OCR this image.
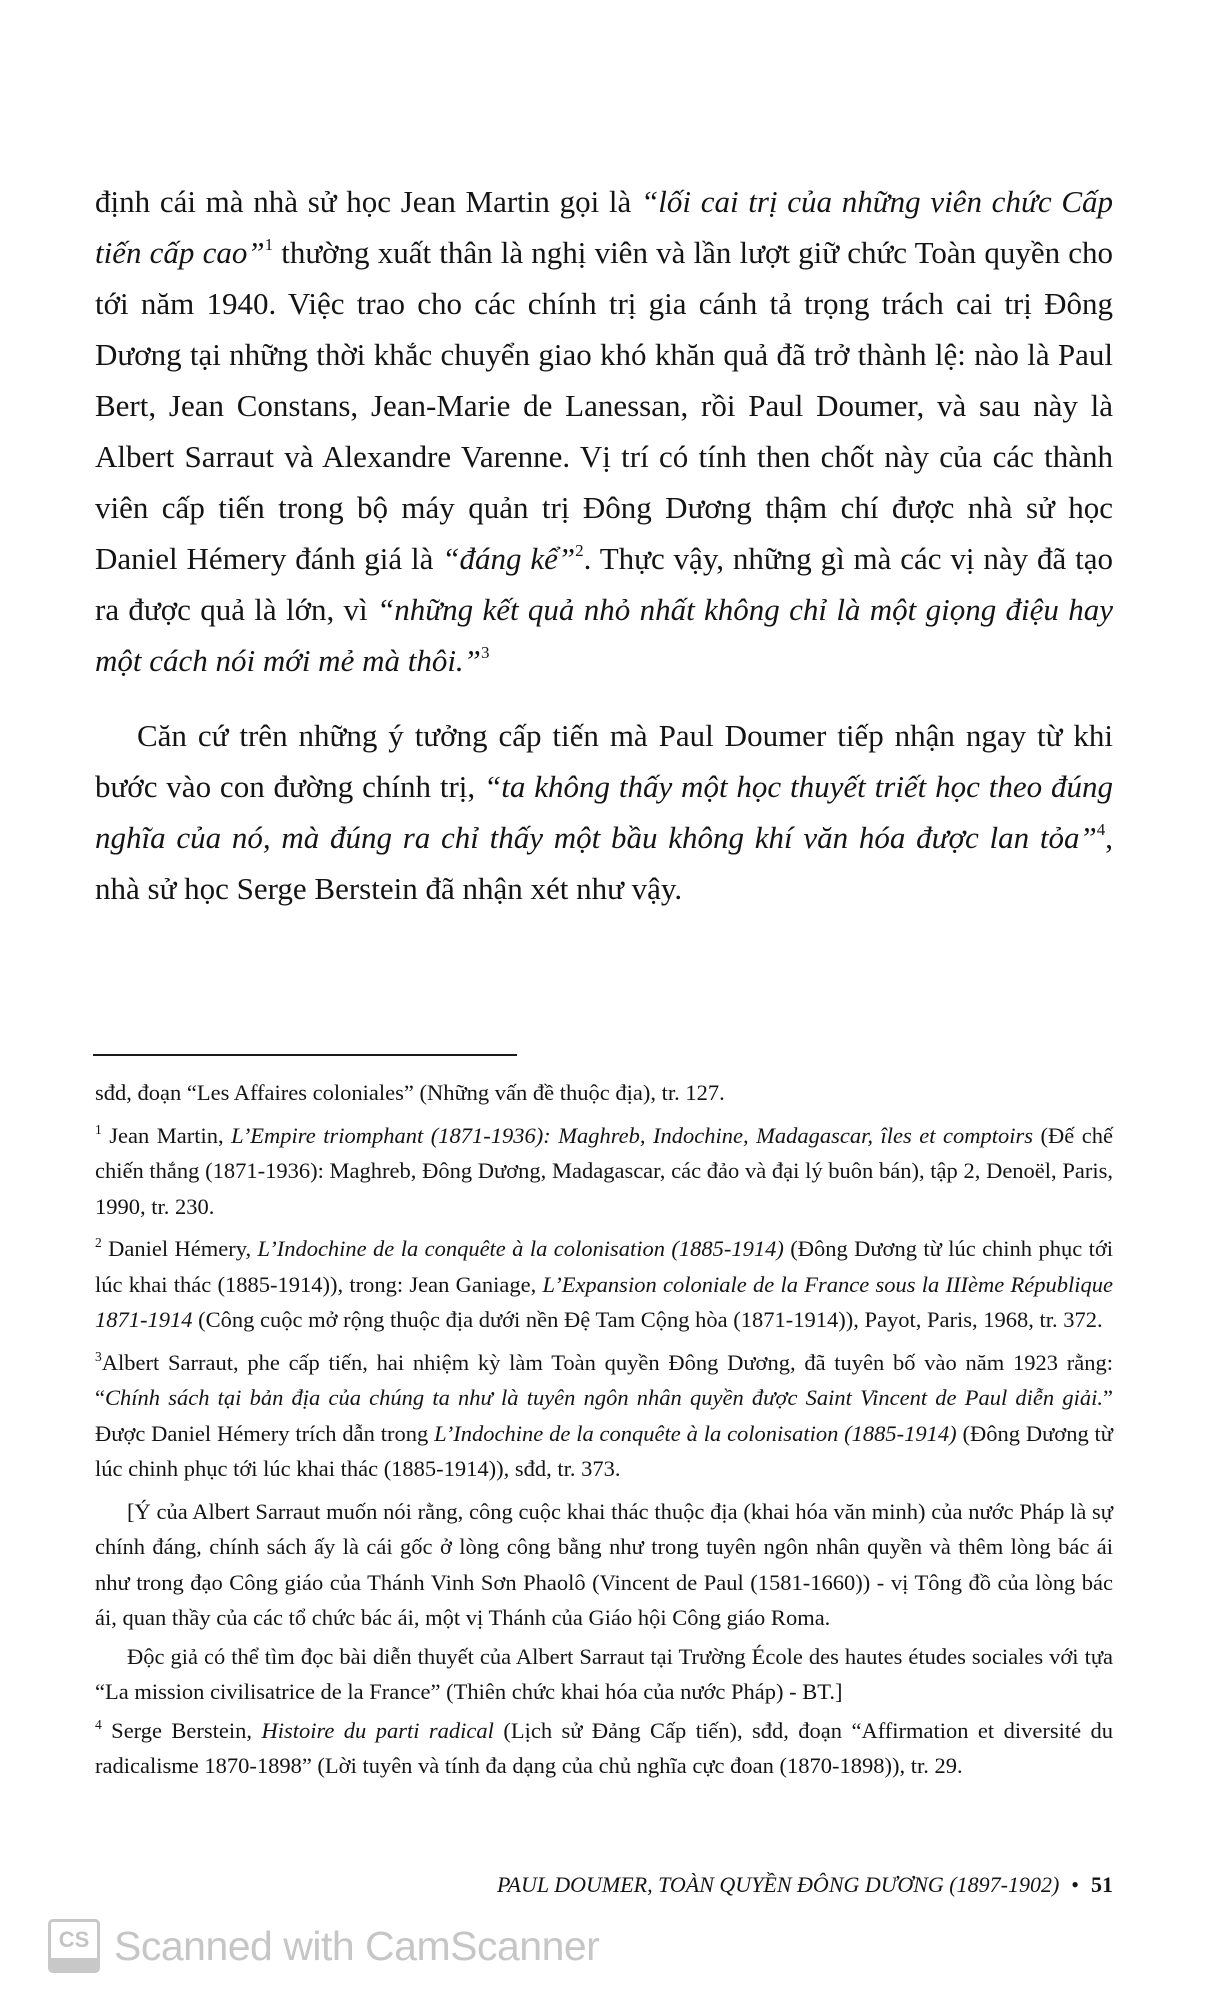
định cái mà nhà sử học Jean Martin gọi là “lối cai trị của những viên chức Cấp tiến cấp cao”$^1$ thường xuất thân là nghị viên và lần lượt giữ chức Toàn quyền cho tới năm 1940. Việc trao cho các chính trị gia cánh tả trọng trách cai trị Đông Dương tại những thời khắc chuyển giao khó khăn quả đã trở thành lệ: nào là Paul Bert, Jean Constans, Jean-Marie de Lanessan, rồi Paul Doumer, và sau này là Albert Sarraut và Alexandre Varenne. Vị trí có tính then chốt này của các thành viên cấp tiến trong bộ máy quản trị Đông Dương thậm chí được nhà sử học Daniel Hémery đánh giá là “đáng kể”$^2$. Thực vậy, những gì mà các vị này đã tạo ra được quả là lớn, vì “những kết quả nhỏ nhất không chỉ là một giọng điệu hay một cách nói mới mẻ mà thôi.”$^3$

Căn cứ trên những ý tưởng cấp tiến mà Paul Doumer tiếp nhận ngay từ khi bước vào con đường chính trị, “ta không thấy một học thuyết triết học theo đúng nghĩa của nó, mà đúng ra chỉ thấy một bầu không khí văn hóa được lan tỏa”$^4$, nhà sử học Serge Berstein đã nhận xét như vậy.

sđd, đoạn “Les Affaires coloniales” (Những vấn đề thuộc địa), tr. 127.

$^1$ Jean Martin, L’Empire triomphant (1871-1936): Maghreb, Indochine, Madagascar, îles et comptoirs (Đế chế chiến thắng (1871-1936): Maghreb, Đông Dương, Madagascar, các đảo và đại lý buôn bán), tập 2, Denoël, Paris, 1990, tr. 230.

$^2$ Daniel Hémery, L’Indochine de la conquête à la colonisation (1885-1914) (Đông Dương từ lúc chinh phục tới lúc khai thác (1885-1914)), trong: Jean Ganiage, L’Expansion coloniale de la France sous la IIIème République 1871-1914 (Công cuộc mở rộng thuộc địa dưới nền Đệ Tam Cộng hòa (1871-1914)), Payot, Paris, 1968, tr. 372.

$^3$Albert Sarraut, phe cấp tiến, hai nhiệm kỳ làm Toàn quyền Đông Dương, đã tuyên bố vào năm 1923 rằng: “Chính sách tại bản địa của chúng ta như là tuyên ngôn nhân quyền được Saint Vincent de Paul diễn giải.” Được Daniel Hémery trích dẫn trong L’Indochine de la conquête à la colonisation (1885-1914) (Đông Dương từ lúc chinh phục tới lúc khai thác (1885-1914)), sđd, tr. 373.

[Ý của Albert Sarraut muốn nói rằng, công cuộc khai thác thuộc địa (khai hóa văn minh) của nước Pháp là sự chính đáng, chính sách ấy là cái gốc ở lòng công bằng như trong tuyên ngôn nhân quyền và thêm lòng bác ái như trong đạo Công giáo của Thánh Vinh Sơn Phaolô (Vincent de Paul (1581-1660)) - vị Tông đồ của lòng bác ái, quan thầy của các tổ chức bác ái, một vị Thánh của Giáo hội Công giáo Roma.

Độc giả có thể tìm đọc bài diễn thuyết của Albert Sarraut tại Trường École des hautes études sociales với tựa “La mission civilisatrice de la France” (Thiên chức khai hóa của nước Pháp) - BT.]

$^4$ Serge Berstein, Histoire du parti radical (Lịch sử Đảng Cấp tiến), sđd, đoạn “Affirmation et diversité du radicalisme 1870-1898” (Lời tuyên và tính đa dạng của chủ nghĩa cực đoan (1870-1898)), tr. 29.

PAUL DOUMER, TOÀN QUYỀN ĐÔNG DƯƠNG (1897-1902) • 51
CS Scanned with CamScanner
